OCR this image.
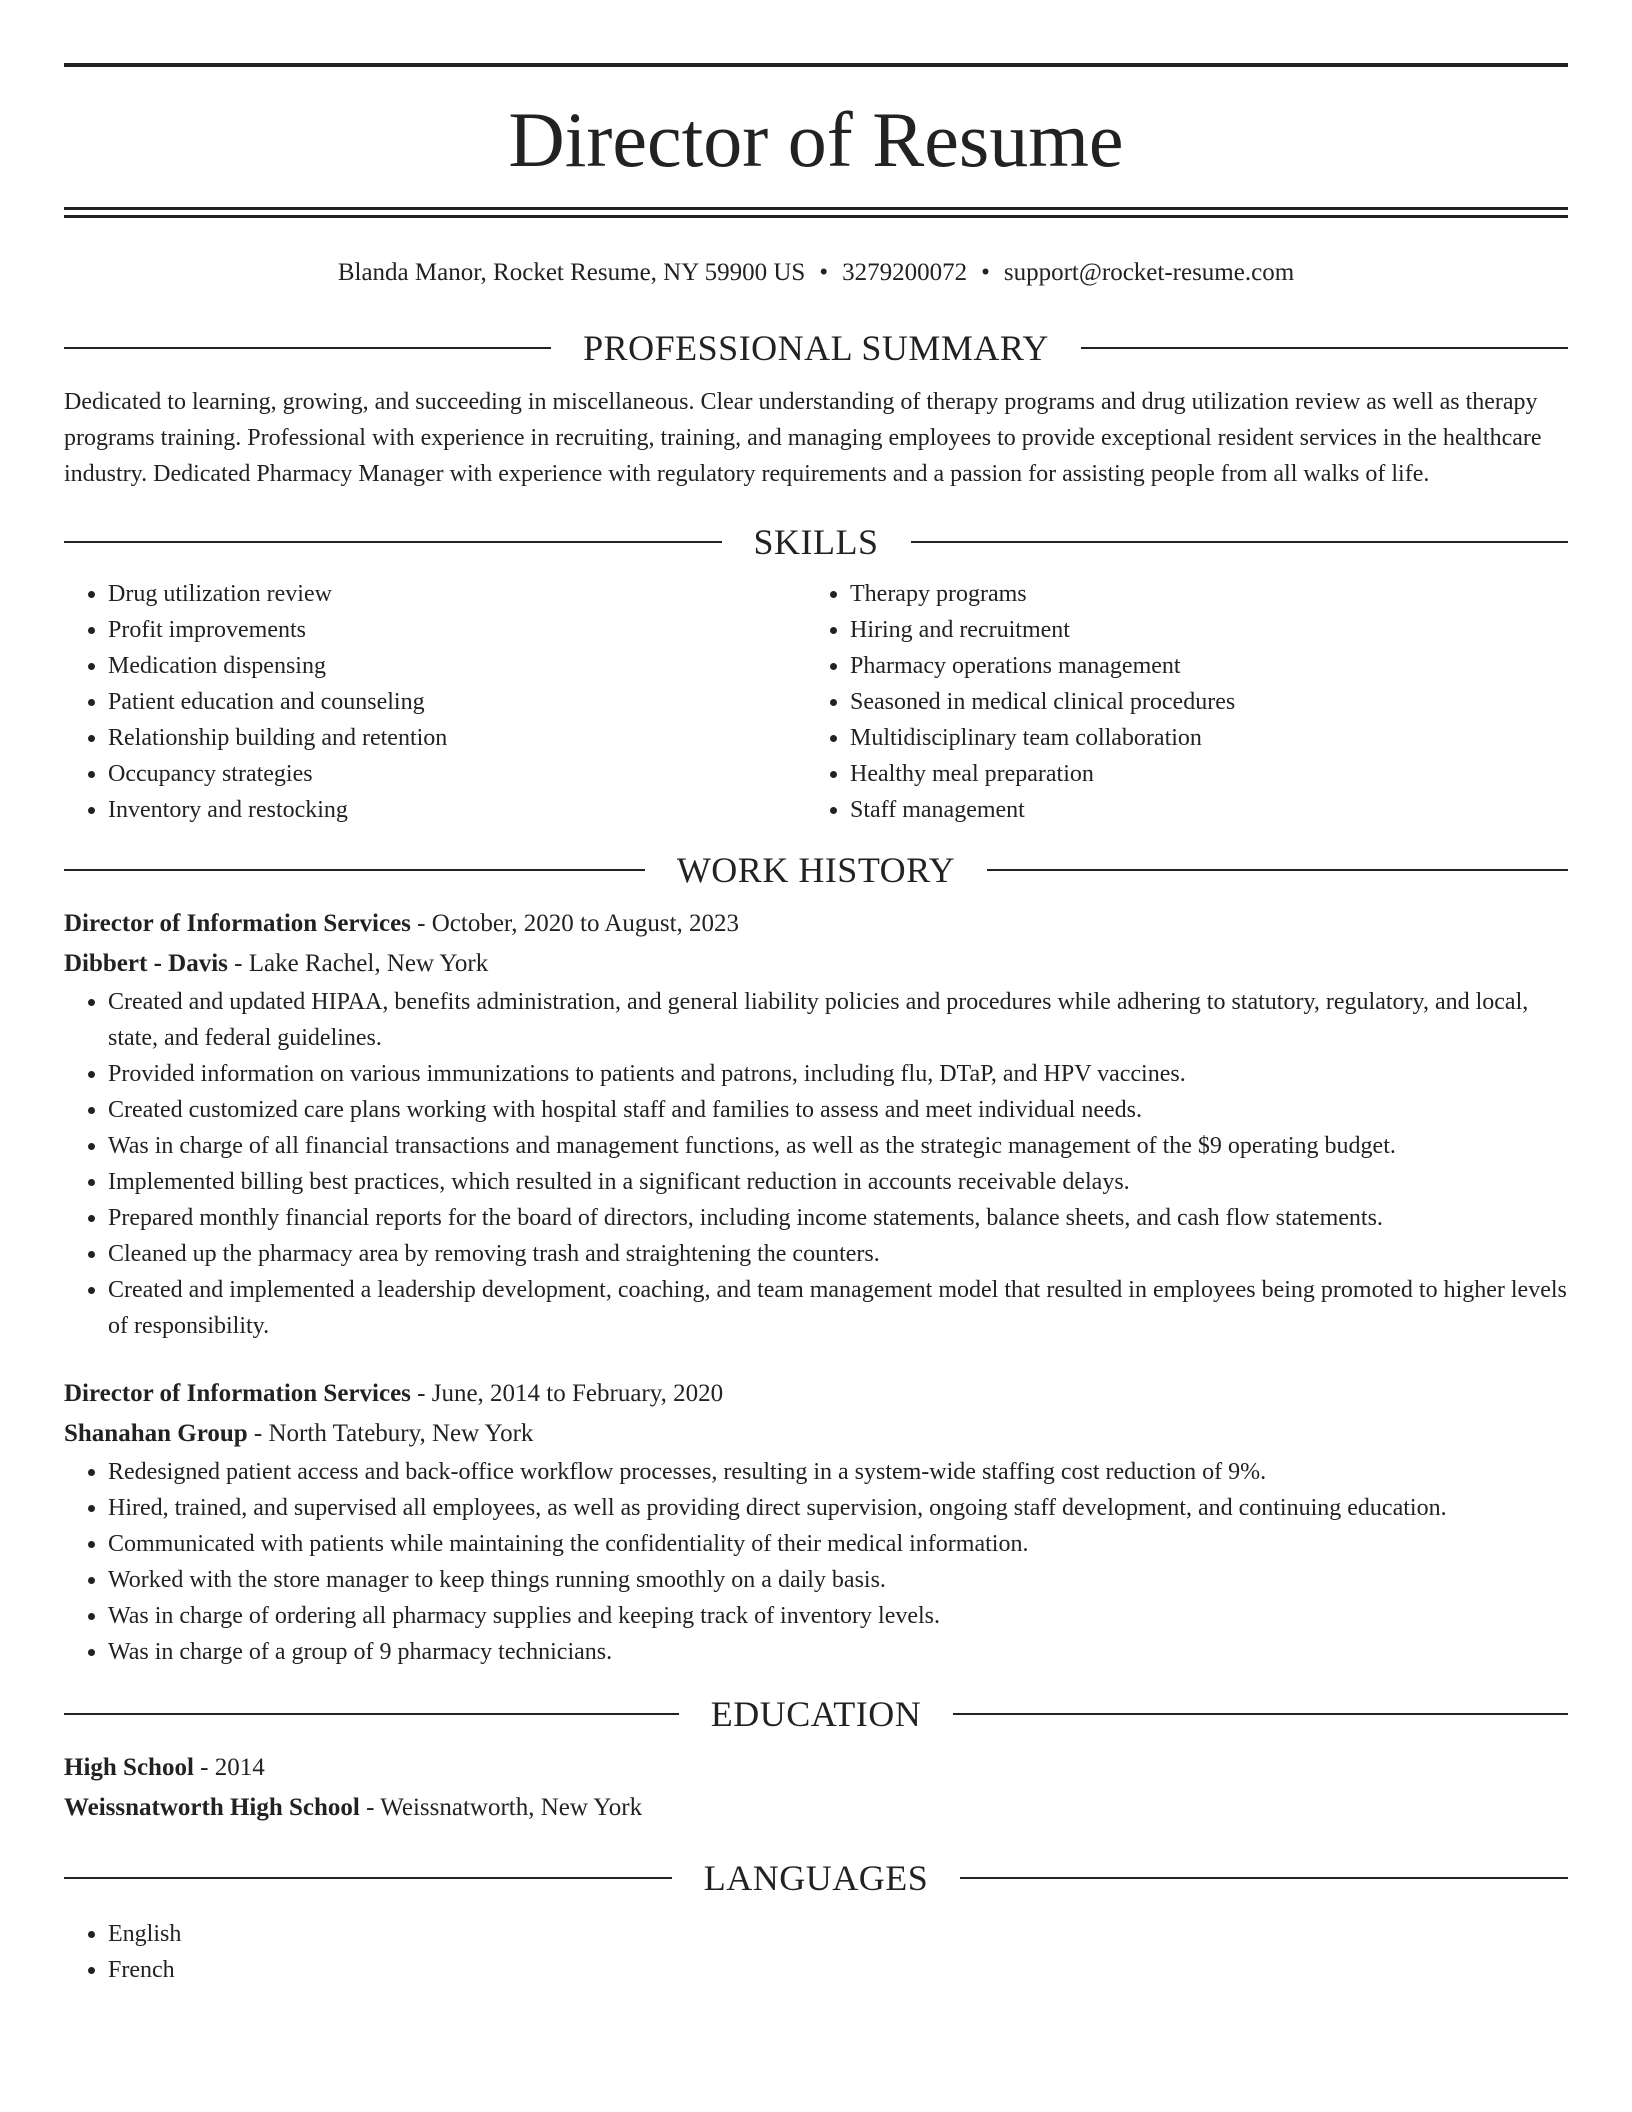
Director of Resume
Blanda Manor, Rocket Resume, NY 59900 US • 3279200072 • support@rocket-resume.com
PROFESSIONAL SUMMARY
Dedicated to learning, growing, and succeeding in miscellaneous. Clear understanding of therapy programs and drug utilization review as well as therapy programs training. Professional with experience in recruiting, training, and managing employees to provide exceptional resident services in the healthcare industry. Dedicated Pharmacy Manager with experience with regulatory requirements and a passion for assisting people from all walks of life.
SKILLS
• Drug utilization review
• Profit improvements
• Medication dispensing
• Patient education and counseling
• Relationship building and retention
• Occupancy strategies
• Inventory and restocking
• Therapy programs
• Hiring and recruitment
• Pharmacy operations management
• Seasoned in medical clinical procedures
• Multidisciplinary team collaboration
• Healthy meal preparation
• Staff management
WORK HISTORY
Director of Information Services - October, 2020 to August, 2023
Dibbert - Davis - Lake Rachel, New York
• Created and updated HIPAA, benefits administration, and general liability policies and procedures while adhering to statutory, regulatory, and local, state, and federal guidelines.
• Provided information on various immunizations to patients and patrons, including flu, DTaP, and HPV vaccines.
• Created customized care plans working with hospital staff and families to assess and meet individual needs.
• Was in charge of all financial transactions and management functions, as well as the strategic management of the $9 operating budget.
• Implemented billing best practices, which resulted in a significant reduction in accounts receivable delays.
• Prepared monthly financial reports for the board of directors, including income statements, balance sheets, and cash flow statements.
• Cleaned up the pharmacy area by removing trash and straightening the counters.
• Created and implemented a leadership development, coaching, and team management model that resulted in employees being promoted to higher levels of responsibility.
Director of Information Services - June, 2014 to February, 2020
Shanahan Group - North Tatebury, New York
• Redesigned patient access and back-office workflow processes, resulting in a system-wide staffing cost reduction of 9%.
• Hired, trained, and supervised all employees, as well as providing direct supervision, ongoing staff development, and continuing education.
• Communicated with patients while maintaining the confidentiality of their medical information.
• Worked with the store manager to keep things running smoothly on a daily basis.
• Was in charge of ordering all pharmacy supplies and keeping track of inventory levels.
• Was in charge of a group of 9 pharmacy technicians.
EDUCATION
High School - 2014
Weissnatworth High School - Weissnatworth, New York
LANGUAGES
• English
• French
